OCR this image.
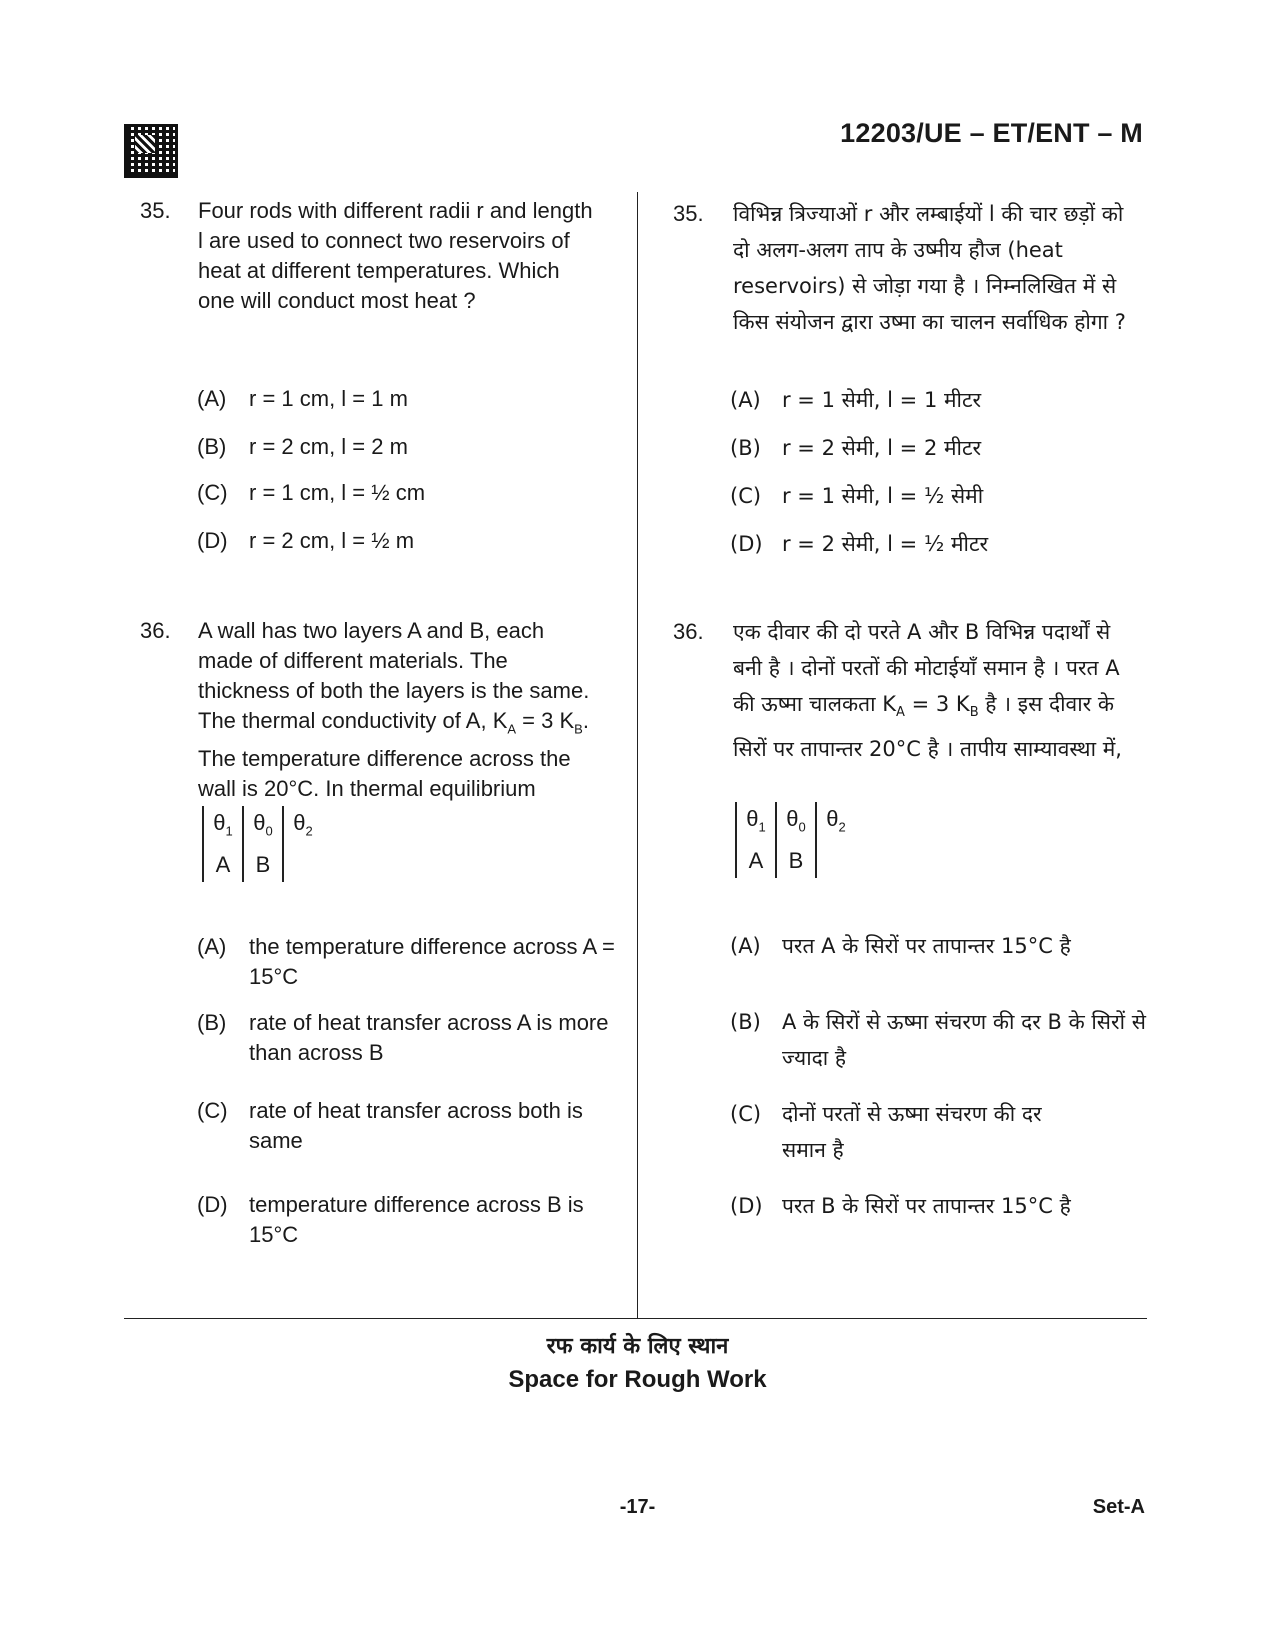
12203/UE – ET/ENT – M
35. Four rods with different radii r and length l are used to connect two reservoirs of heat at different temperatures. Which one will conduct most heat ?
(A) r = 1 cm, l = 1 m
(B) r = 2 cm, l = 2 m
(C) r = 1 cm, l = ½ cm
(D) r = 2 cm, l = ½ m
36. A wall has two layers A and B, each made of different materials. The thickness of both the layers is the same. The thermal conductivity of A, $K_A = 3$ $K_B$. The temperature difference across the wall is 20°C. In thermal equilibrium
$\theta_1$
A
$\theta_0$
B
$\theta_2$
(A) the temperature difference across A = 15°C
(B) rate of heat transfer across A is more than across B
(C) rate of heat transfer across both is same
(D) temperature difference across B is 15°C
35. विभिन्न त्रिज्याओं r और लम्बाईयों l की चार छड़ों को दो अलग-अलग ताप के उष्मीय हौज (heat reservoirs) से जोड़ा गया है । निम्नलिखित में से किस संयोजन द्वारा उष्मा का चालन सर्वाधिक होगा ?
(A) r = 1 सेमी, l = 1 मीटर
(B) r = 2 सेमी, l = 2 मीटर
(C) r = 1 सेमी, l = ½ सेमी
(D) r = 2 सेमी, l = ½ मीटर
36. एक दीवार की दो परते A और B विभिन्न पदार्थों से बनी है । दोनों परतों की मोटाईयाँ समान है । परत A की ऊष्मा चालकता $K_A = 3$ $K_B$ है । इस दीवार के सिरों पर तापान्तर 20°C है । तापीय साम्यावस्था में,
$\theta_1$
A
$\theta_0$
B
$\theta_2$
(A) परत A के सिरों पर तापान्तर 15°C है
(B) A के सिरों से ऊष्मा संचरण की दर B के सिरों से ज्यादा है
(C) दोनों परतों से ऊष्मा संचरण की दर समान है
(D) परत B के सिरों पर तापान्तर 15°C है
रफ कार्य के लिए स्थान
Space for Rough Work
-17-	Set-A
